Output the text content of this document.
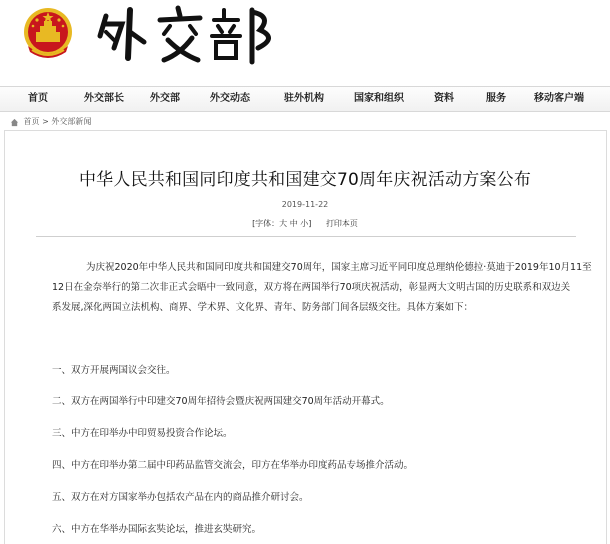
首页	外交部长	外交部	外交动态	驻外机构	国家和组织	资料	服务	移动客户端
首页 > 外交部新闻
中华人民共和国同印度共和国建交70周年庆祝活动方案公布
2019-11-22
[字体：大 中 小] 打印本页
为庆祝2020年中华人民共和国同印度共和国建交70周年，国家主席习近平同印度总理纳伦德拉·莫迪于2019年10月11至
12日在金奈举行的第二次非正式会晤中一致同意，双方将在两国举行70项庆祝活动，彰显两大文明古国的历史联系和双边关
系发展,深化两国立法机构、商界、学术界、文化界、青年、防务部门间各层级交往。具体方案如下：
一、双方开展两国议会交往。
二、双方在两国举行中印建交70周年招待会暨庆祝两国建交70周年活动开幕式。
三、中方在印举办中印贸易投资合作论坛。
四、中方在印举办第二届中印药品监管交流会，印方在华举办印度药品专场推介活动。
五、双方在对方国家举办包括农产品在内的商品推介研讨会。
六、中方在华举办国际玄奘论坛，推进玄奘研究。
